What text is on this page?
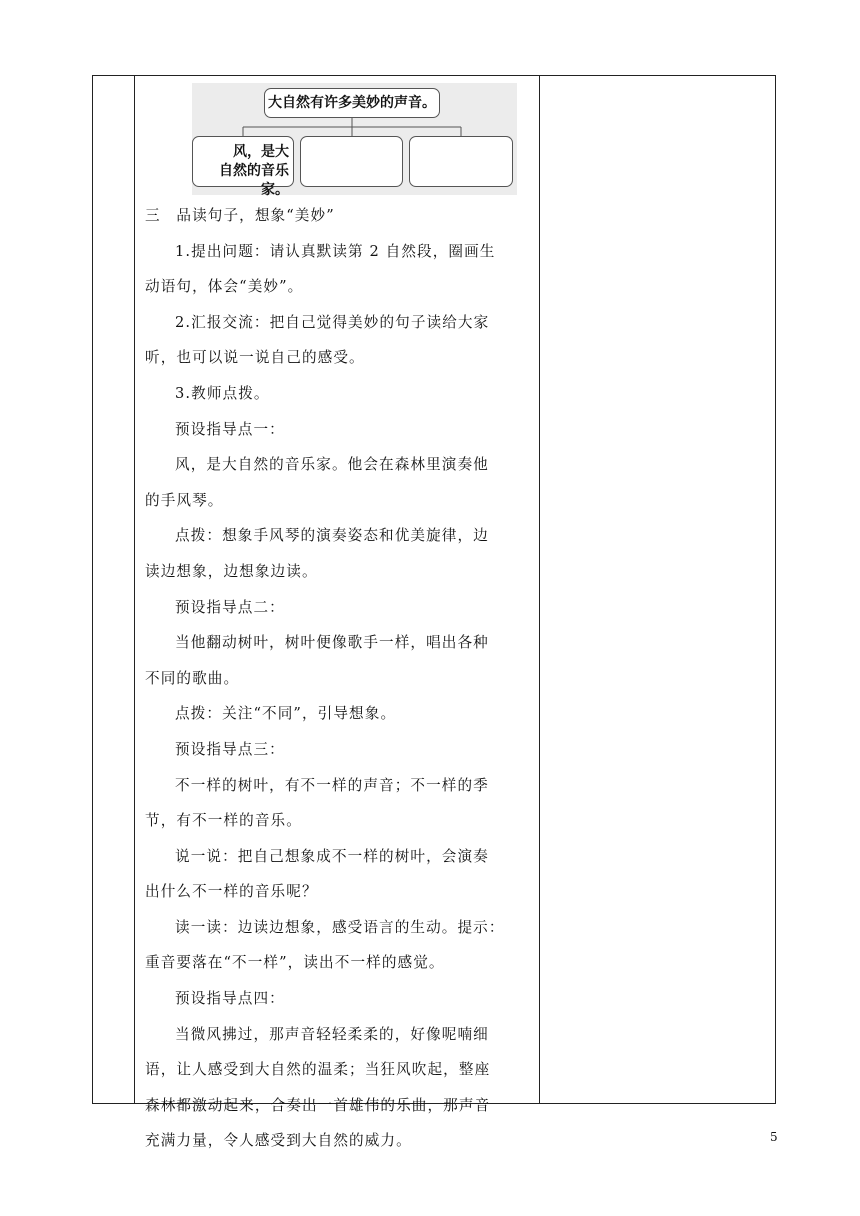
大自然有许多美妙的声音。
风，是大
自然的音乐家。
三　品读句子，想象“美妙”
1.提出问题：请认真默读第 2 自然段，圈画生
动语句，体会“美妙”。
2.汇报交流：把自己觉得美妙的句子读给大家
听，也可以说一说自己的感受。
3.教师点拨。
预设指导点一：
风，是大自然的音乐家。他会在森林里演奏他
的手风琴。
点拨：想象手风琴的演奏姿态和优美旋律，边
读边想象，边想象边读。
预设指导点二：
当他翻动树叶，树叶便像歌手一样，唱出各种
不同的歌曲。
点拨：关注“不同”，引导想象。
预设指导点三：
不一样的树叶，有不一样的声音；不一样的季
节，有不一样的音乐。
说一说：把自己想象成不一样的树叶，会演奏
出什么不一样的音乐呢？
读一读：边读边想象，感受语言的生动。提示：
重音要落在“不一样”，读出不一样的感觉。
预设指导点四：
当微风拂过，那声音轻轻柔柔的，好像呢喃细
语，让人感受到大自然的温柔；当狂风吹起，整座
森林都激动起来，合奏出一首雄伟的乐曲，那声音
充满力量，令人感受到大自然的威力。	5
